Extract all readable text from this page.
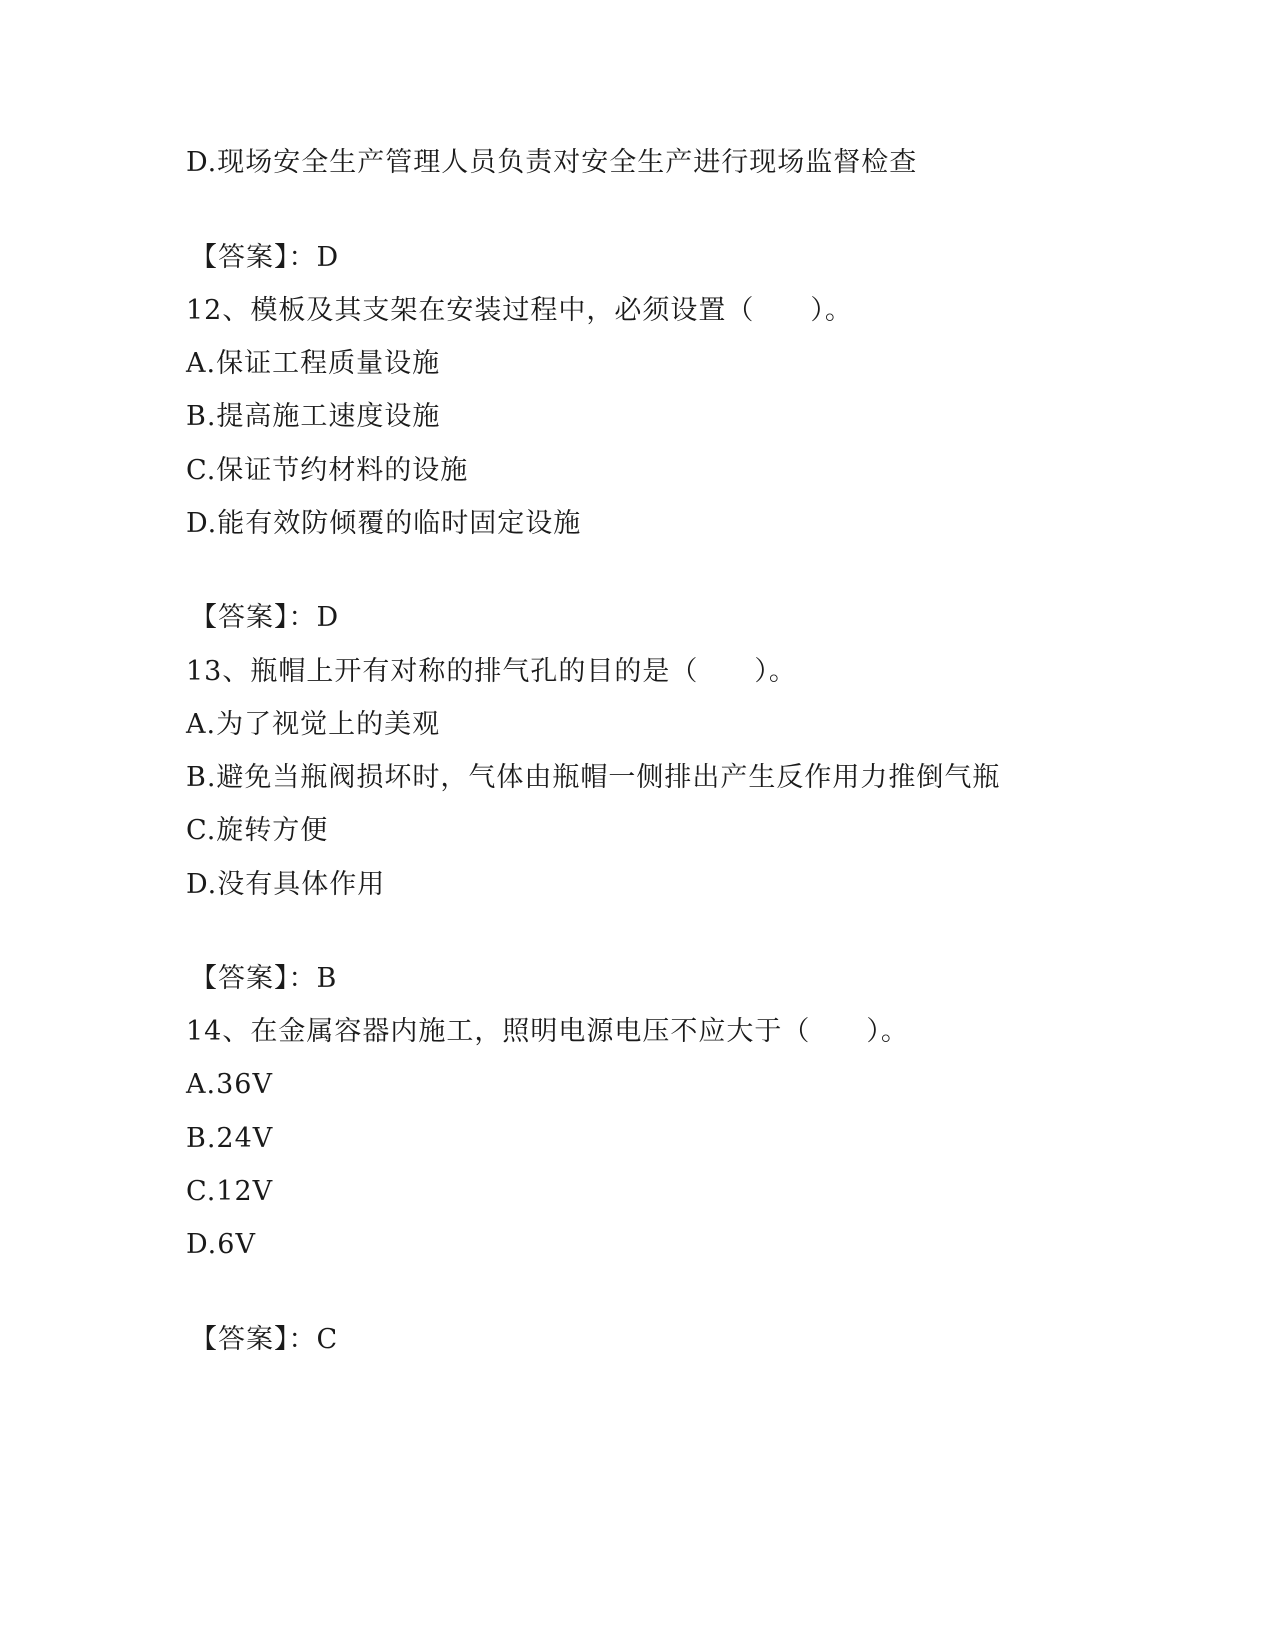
D.现场安全生产管理人员负责对安全生产进行现场监督检查
【答案】：D
12、模板及其支架在安装过程中，必须设置（　　）。
A.保证工程质量设施
B.提高施工速度设施
C.保证节约材料的设施
D.能有效防倾覆的临时固定设施
【答案】：D
13、瓶帽上开有对称的排气孔的目的是（　　）。
A.为了视觉上的美观
B.避免当瓶阀损坏时，气体由瓶帽一侧排出产生反作用力推倒气瓶
C.旋转方便
D.没有具体作用
【答案】：B
14、在金属容器内施工，照明电源电压不应大于（　　）。
A.36V
B.24V
C.12V
D.6V
【答案】：C
